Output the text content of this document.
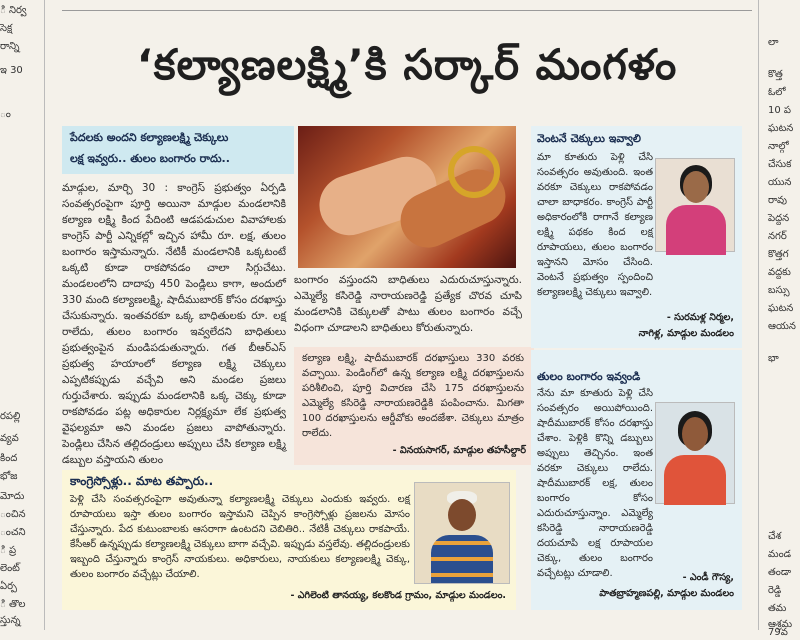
ి నిర్వ
సెక్ష
రాన్ని
ఇ 30
ం
రపల్లి
వ్యవ
కింద
భోజ
మోదు
ంచిన
ంచని
ి ప్ర
లెంట్
ఏర్ప
ి తొల
స్తున్న
లా
కొత్త
ఓలో
10 ప
ఘటన
నాల్గో
చేసుక
యున
రావు
పెద్దన
నగర్
కొత్తగ
వద్దకు
బస్సు
ఘటన
ఆయన
భా
చేశ
మండ
తండా
రెడ్డి
తమ
ఆశ్రమ
79వ
‘కల్యాణలక్ష్మి’కి సర్కార్ మంగళం
పేదలకు అందని కల్యాణలక్ష్మి చెక్కులు
లక్ష ఇవ్వరు.. తులం బంగారం రాదు..
మాడ్గుల, మార్చి 30 : కాంగ్రెస్ ప్రభుత్వం ఏర్పడి సంవత్సరంపైగా పూర్తి అయినా మాడ్గుల మండలానికి కల్యాణ లక్ష్మి కింద పేదింటి ఆడపడుచుల వివాహాలకు కాంగ్రెస్ పార్టీ ఎన్నికల్లో ఇచ్చిన హామీ రూ. లక్ష, తులం బంగారం ఇస్తామన్నారు. నేటికీ మండలానికి ఒక్కటంటే ఒక్కటి కూడా రాకపోవడం చాలా సిగ్గుచేటు. మండలంలోని దాదాపు 450 పెండ్లిలు కాగా, అందులో 330 మంది కల్యాణలక్ష్మి, షాదీముబారక్ కోసం దరఖాస్తు చేసుకున్నారు. ఇంతవరకూ ఒక్క బాధితులకు రూ. లక్ష రాలేదు, తులం బంగారం ఇవ్వలేదని బాధితులు ప్రభుత్వంపైన మండిపడుతున్నారు. గత బీఆర్ఎస్ ప్రభుత్వ హయాంలో కల్యాణ లక్ష్మి చెక్కులు ఎప్పటికప్పుడు వచ్చేవి అని మండల ప్రజలు గుర్తుచేశారు. ఇప్పుడు మండలానికి ఒక్క చెక్కు కూడా రాకపోవడం పట్ల అధికారుల నిర్లక్ష్యమా లేక ప్రభుత్వ వైఫల్యమా అని మండల ప్రజలు వాపోతున్నారు. పెండ్లిలు చేసిన తల్లిదండ్రులు అప్పులు చేసి కల్యాణ లక్ష్మి డబ్బుల వస్తాయని తులం
బంగారం వస్తుందని బాధితులు ఎదురుచూస్తున్నారు. ఎమ్మెల్యే కసిరెడ్డి నారాయణరెడ్డి ప్రత్యేక చొరవ చూపి మండలానికి చెక్కులతో పాటు తులం బంగారం వచ్చే విధంగా చూడాలని బాధితులు కోరుతున్నారు.
కల్యాణ లక్ష్మి, షాదీముబారక్ దరఖాస్తులు 330 వరకు వచ్చాయి. పెండింగ్‌లో ఉన్న కల్యాణ లక్ష్మి దరఖాస్తులను పరిశీలించి, పూర్తి విచారణ చేసి 175 దరఖాస్తులను ఎమ్మెల్యే కసిరెడ్డి నారాయణరెడ్డికి పంపించాను. మిగతా 100 దరఖాస్తులను ఆర్డీవోకు అందజేశా. చెక్కులు మాత్రం రాలేదు.
- వినయసాగర్, మాడ్గుల తహసీల్దార్
వెంటనే చెక్కులు ఇవ్వాలి
మా కూతురు పెళ్లి చేసి సంవత్సరం అవుతుంది. ఇంత వరకూ చెక్కులు రాకపోవడం చాలా బాధాకరం. కాంగ్రెస్ పార్టీ అధికారంలోకి రాగానే కల్యాణ లక్ష్మి పథకం కింద లక్ష రూపాయలు, తులం బంగారం ఇస్తానని మోసం చేసింది. వెంటనే ప్రభుత్వం స్పందించి కల్యాణలక్ష్మి చెక్కులు ఇవ్వాలి.
- సురమళ్ల నిర్మల,
నాగిళ్ల, మాడ్గుల మండలం
తులం బంగారం ఇవ్వండి
నేను మా కూతురు పెళ్లి చేసి సంవత్సరం అయిపోయింది. షాదీముబారక్ కోసం దరఖాస్తు చేశాం. పెళ్లికి కొన్ని డబ్బులు అప్పులు తెచ్చినం. ఇంత వరకూ చెక్కులు రాలేదు. షాదీముబారక్ లక్ష, తులం బంగారం కోసం ఎదురుచూస్తున్నాం. ఎమ్మెల్యే కసిరెడ్డి నారాయణరెడ్డి దయచూపి లక్ష రూపాయల చెక్కు, తులం బంగారం వచ్చేటట్లు చూడాలి.	- ఎండీ గౌస్య,
పాతబ్రాహ్మణపల్లి, మాడ్గుల మండలం
కాంగ్రెస్సోళ్లు.. మాట తప్పారు..
పెళ్లి చేసి సంవత్సరంపైగా అవుతున్నా కల్యాణలక్ష్మి చెక్కులు ఎందుకు ఇవ్వరు. లక్ష రూపాయలు ఇస్తా తులం బంగారం ఇస్తామని చెప్పిన కాంగ్రెస్సోళ్లు ప్రజలను మోసం చేస్తున్నారు. పేద కుటుంబాలకు ఆసరాగా ఉంటదని చెబితిరి.. నేటికీ చెక్కులు రాకపాయే. కేసీఆర్ ఉన్నప్పుడు కల్యాణలక్ష్మి చెక్కులు బాగా వచ్చేవి. ఇప్పుడు వస్తలేవు. తల్లిదండ్రులకు ఇబ్బంది చేస్తున్నారు కాంగ్రెస్ నాయకులు. అధికారులు, నాయకులు కల్యాణలక్ష్మి చెక్కు, తులం బంగారం వచ్చేట్లు చేయాలి.
- ఎగిలెంటి తానయ్య, కలకొండ గ్రామం, మాడ్గుల మండలం.
